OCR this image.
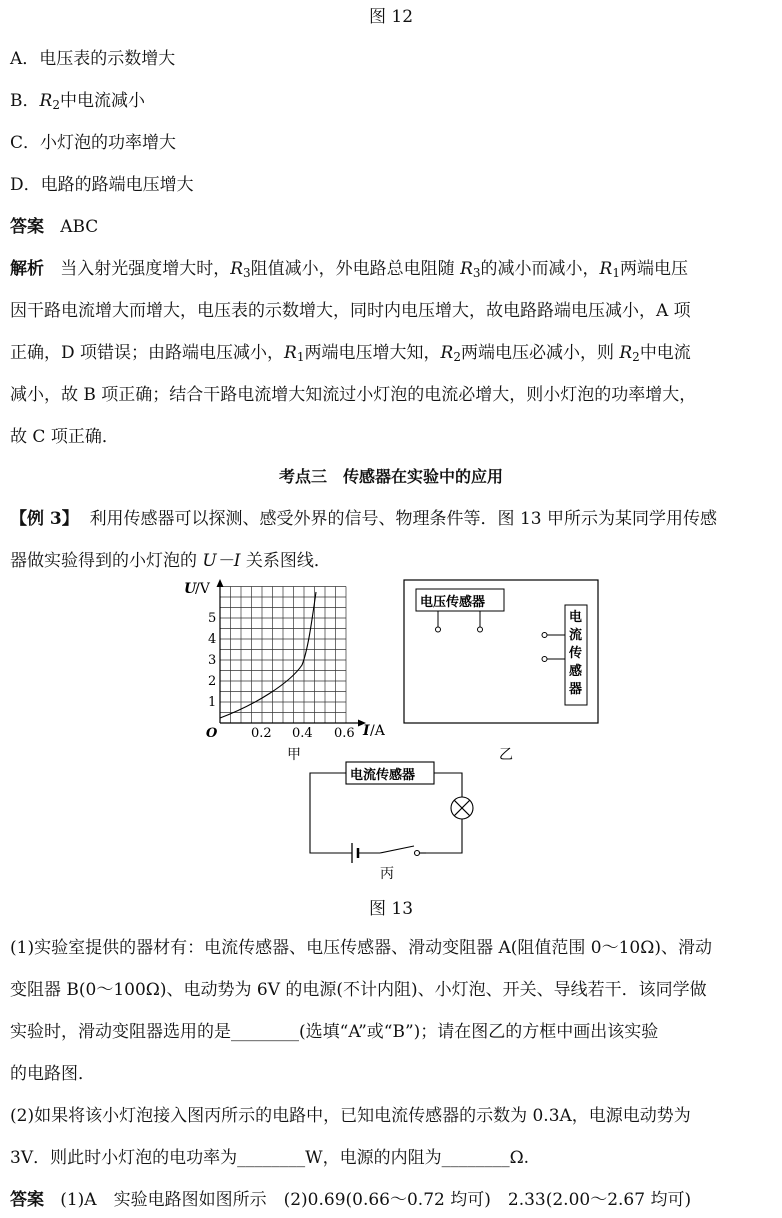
图 12
A．电压表的示数增大
B．$R_2$中电流减小
C．小灯泡的功率增大
D．电路的路端电压增大
答案 ABC
解析 当入射光强度增大时，$R_3$阻值减小，外电路总电阻随 $R_3$的减小而减小，$R_1$两端电压
因干路电流增大而增大，电压表的示数增大，同时内电压增大，故电路路端电压减小，A 项
正确，D 项错误；由路端电压减小，$R_1$两端电压增大知，$R_2$两端电压必减小，则 $R_2$中电流
减小，故 B 项正确；结合干路电流增大知流过小灯泡的电流必增大，则小灯泡的功率增大，
故 C 项正确．
考点三　传感器在实验中的应用
【例 3】 利用传感器可以探测、感受外界的信号、物理条件等．图 13 甲所示为某同学用传感
器做实验得到的小灯泡的 U－I 关系图线．
U
/V
I /A
O
1
2
3
4
5
0.2 0.4 0.6
甲
电压传感器
电
流
传
感
器
乙
电流传感器
丙
图 13
(1)实验室提供的器材有：电流传感器、电压传感器、滑动变阻器 A(阻值范围 0～10Ω)、滑动
变阻器 B(0～100Ω)、电动势为 6V 的电源(不计内阻)、小灯泡、开关、导线若干．该同学做
实验时，滑动变阻器选用的是________(选填“A”或“B”)；请在图乙的方框中画出该实验
的电路图．
(2)如果将该小灯泡接入图丙所示的电路中，已知电流传感器的示数为 0.3A，电源电动势为
3V．则此时小灯泡的电功率为________W，电源的内阻为________Ω.
答案 (1)A　实验电路图如图所示　(2)0.69(0.66～0.72 均可)　2.33(2.00～2.67 均可)
